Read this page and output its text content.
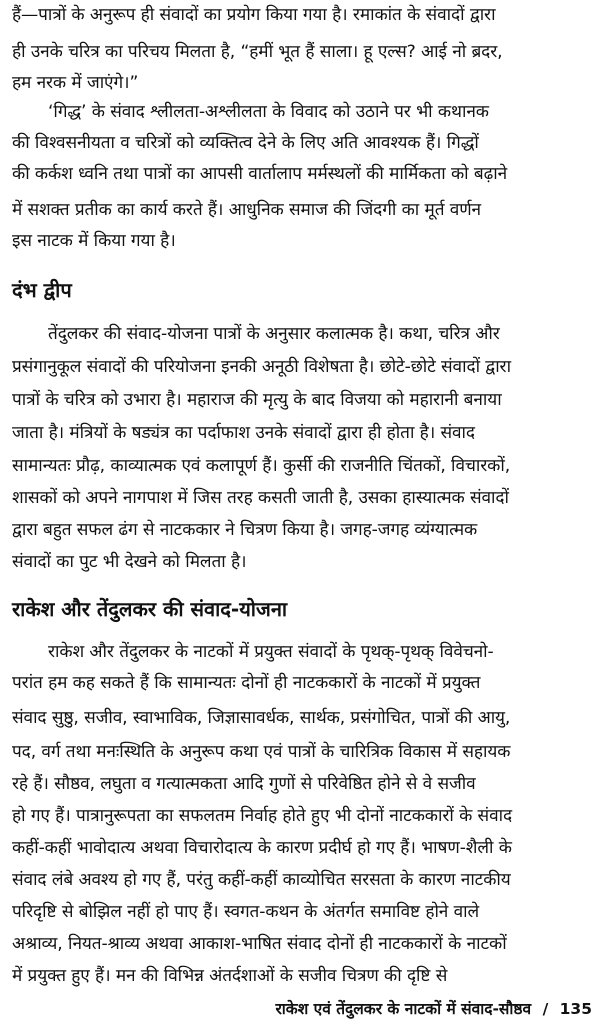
हैं—पात्रों के अनुरूप ही संवादों का प्रयोग किया गया है। रमाकांत के संवादों द्वारा
ही उनके चरित्र का परिचय मिलता है, “हमीं भूत हैं साला। हू एल्स? आई नो ब्रदर,
हम नरक में जाएंगे।”
‘गिद्ध’ के संवाद श्लीलता-अश्लीलता के विवाद को उठाने पर भी कथानक
की विश्वसनीयता व चरित्रों को व्यक्तित्व देने के लिए अति आवश्यक हैं। गिद्धों
की कर्कश ध्वनि तथा पात्रों का आपसी वार्तालाप मर्मस्थलों की मार्मिकता को बढ़ाने
में सशक्त प्रतीक का कार्य करते हैं। आधुनिक समाज की जिंदगी का मूर्त वर्णन
इस नाटक में किया गया है।
दंभ द्वीप
तेंदुलकर की संवाद-योजना पात्रों के अनुसार कलात्मक है। कथा, चरित्र और
प्रसंगानुकूल संवादों की परियोजना इनकी अनूठी विशेषता है। छोटे-छोटे संवादों द्वारा
पात्रों के चरित्र को उभारा है। महाराज की मृत्यु के बाद विजया को महारानी बनाया
जाता है। मंत्रियों के षड्यंत्र का पर्दाफाश उनके संवादों द्वारा ही होता है। संवाद
सामान्यतः प्रौढ़, काव्यात्मक एवं कलापूर्ण हैं। कुर्सी की राजनीति चिंतकों, विचारकों,
शासकों को अपने नागपाश में जिस तरह कसती जाती है, उसका हास्यात्मक संवादों
द्वारा बहुत सफल ढंग से नाटककार ने चित्रण किया है। जगह-जगह व्यंग्यात्मक
संवादों का पुट भी देखने को मिलता है।
राकेश और तेंदुलकर की संवाद-योजना
राकेश और तेंदुलकर के नाटकों में प्रयुक्त संवादों के पृथक्-पृथक् विवेचनो-
परांत हम कह सकते हैं कि सामान्यतः दोनों ही नाटककारों के नाटकों में प्रयुक्त
संवाद सुष्ठु, सजीव, स्वाभाविक, जिज्ञासावर्धक, सार्थक, प्रसंगोचित, पात्रों की आयु,
पद, वर्ग तथा मनःस्थिति के अनुरूप कथा एवं पात्रों के चारित्रिक विकास में सहायक
रहे हैं। सौष्ठव, लघुता व गत्यात्मकता आदि गुणों से परिवेष्ठित होने से वे सजीव
हो गए हैं। पात्रानुरूपता का सफलतम निर्वाह होते हुए भी दोनों नाटककारों के संवाद
कहीं-कहीं भावोदात्य अथवा विचारोदात्य के कारण प्रदीर्घ हो गए हैं। भाषण-शैली के
संवाद लंबे अवश्य हो गए हैं, परंतु कहीं-कहीं काव्योचित सरसता के कारण नाटकीय
परिदृष्टि से बोझिल नहीं हो पाए हैं। स्वगत-कथन के अंतर्गत समाविष्ट होने वाले
अश्राव्य, नियत-श्राव्य अथवा आकाश-भाषित संवाद दोनों ही नाटककारों के नाटकों
में प्रयुक्त हुए हैं। मन की विभिन्न अंतर्दशाओं के सजीव चित्रण की दृष्टि से
राकेश एवं तेंदुलकर के नाटकों में संवाद-सौष्ठव / 135
